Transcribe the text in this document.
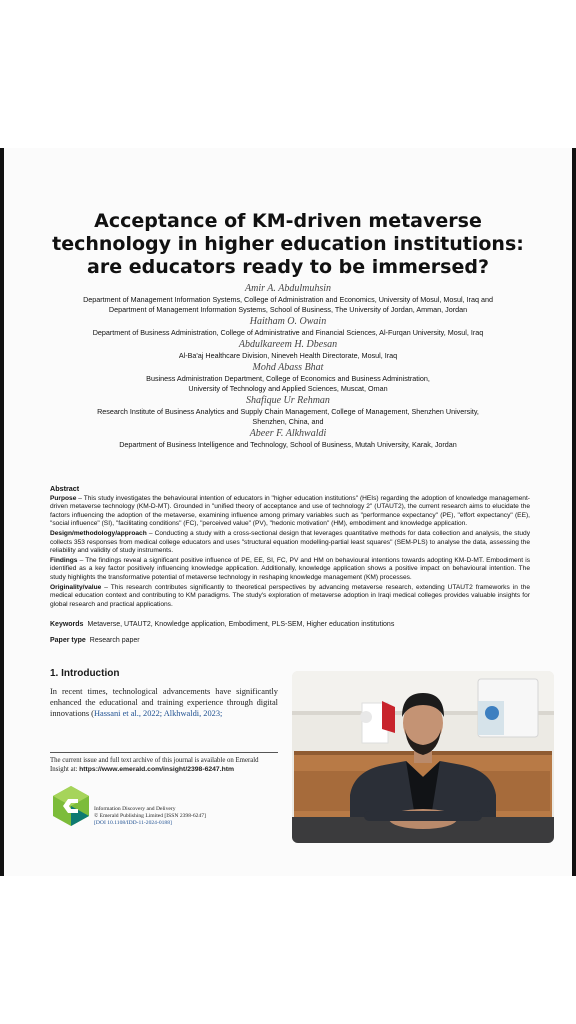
Acceptance of KM-driven metaverse
technology in higher education institutions:
are educators ready to be immersed?
Amir A. Abdulmuhsin
Department of Management Information Systems, College of Administration and Economics, University of Mosul, Mosul, Iraq and
Department of Management Information Systems, School of Business, The University of Jordan, Amman, Jordan
Haitham O. Owain
Department of Business Administration, College of Administrative and Financial Sciences, Al-Furqan University, Mosul, Iraq
Abdulkareem H. Dbesan
Al-Ba'aj Healthcare Division, Nineveh Health Directorate, Mosul, Iraq
Mohd Abass Bhat
Business Administration Department, College of Economics and Business Administration,
University of Technology and Applied Sciences, Muscat, Oman
Shafique Ur Rehman
Research Institute of Business Analytics and Supply Chain Management, College of Management, Shenzhen University,
Shenzhen, China, and
Abeer F. Alkhwaldi
Department of Business Intelligence and Technology, School of Business, Mutah University, Karak, Jordan

Abstract

Purpose – This study investigates the behavioural intention of educators in "higher education institutions" (HEIs) regarding the adoption of knowledge management-driven metaverse technology (KM-D-MT). Grounded in "unified theory of acceptance and use of technology 2" (UTAUT2), the current research aims to elucidate the factors influencing the adoption of the metaverse, examining influence among primary variables such as "performance expectancy" (PE), "effort expectancy" (EE), "social influence" (SI), "facilitating conditions" (FC), "perceived value" (PV), "hedonic motivation" (HM), embodiment and knowledge application.

Design/methodology/approach – Conducting a study with a cross-sectional design that leverages quantitative methods for data collection and analysis, the study collects 353 responses from medical college educators and uses "structural equation modelling-partial least squares" (SEM-PLS) to analyse the data, assessing the reliability and validity of study instruments.

Findings – The findings reveal a significant positive influence of PE, EE, SI, FC, PV and HM on behavioural intentions towards adopting KM-D-MT. Embodiment is identified as a key factor positively influencing knowledge application. Additionally, knowledge application shows a positive impact on behavioural intention. The study highlights the transformative potential of metaverse technology in reshaping knowledge management (KM) processes.

Originality/value – This research contributes significantly to theoretical perspectives by advancing metaverse research, extending UTAUT2 frameworks in the medical education context and contributing to KM paradigms. The study's exploration of metaverse adoption in Iraqi medical colleges provides valuable insights for global research and practical applications.

Keywords Metaverse, UTAUT2, Knowledge application, Embodiment, PLS-SEM, Higher education institutions
Paper type Research paper
1. Introduction
In recent times, technological advancements have significantly enhanced the educational and training experience through digital innovations (Hassani et al., 2022; Alkhwaldi, 2023;
The current issue and full text archive of this journal is available on Emerald Insight at: https://www.emerald.com/insight/2398-6247.htm
Information Discovery and Delivery
© Emerald Publishing Limited [ISSN 2398-6247]
[DOI 10.1108/IDD-11-2024-0188]
